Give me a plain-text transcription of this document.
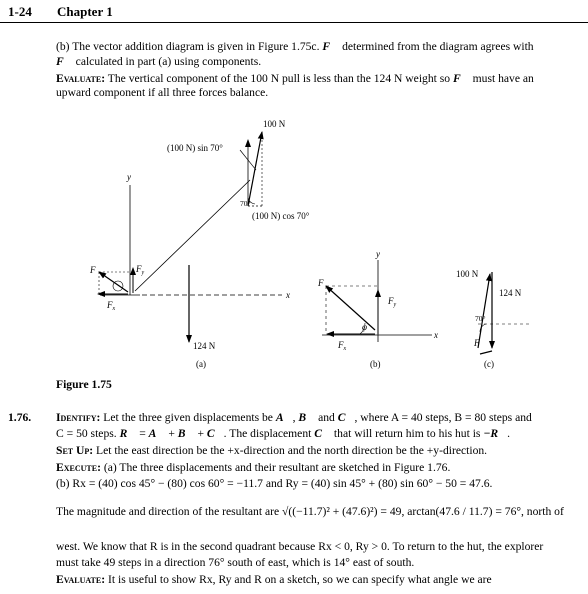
1-24 Chapter 1
(b) The vector addition diagram is given in Figure 1.75c. F⃗ determined from the diagram agrees with
F⃗ calculated in part (a) using components.
Evaluate: The vertical component of the 100 N pull is less than the 124 N weight so F⃗ must have an
upward component if all three forces balance.
y
x
F	$F_y$
$F_x$
124 N
(a)
100 N
(100 N) sin 70°
70°
(100 N) cos 70°
y
x
F
$F_y$
$F_x$
φ
(b)
100 N
124 N
70°
F
(c)
Figure 1.75
1.76. Identify: Let the three given displacements be A⃗, B⃗ and C⃗, where A = 40 steps, B = 80 steps and
C = 50 steps. R⃗ = A⃗ + B⃗ + C⃗. The displacement C⃗ that will return him to his hut is −R⃗.
Set Up: Let the east direction be the +x-direction and the north direction be the +y-direction.
Execute: (a) The three displacements and their resultant are sketched in Figure 1.76.
(b) Rx = (40) cos 45° − (80) cos 60° = −11.7 and Ry = (40) sin 45° + (80) sin 60° − 50 = 47.6.
The magnitude and direction of the resultant are √((−11.7)² + (47.6)²) = 49, arctan(47.6 / 11.7) = 76°, north of
west. We know that R is in the second quadrant because Rx < 0, Ry > 0. To return to the hut, the explorer
must take 49 steps in a direction 76° south of east, which is 14° east of south.
Evaluate: It is useful to show Rx, Ry and R on a sketch, so we can specify what angle we are
